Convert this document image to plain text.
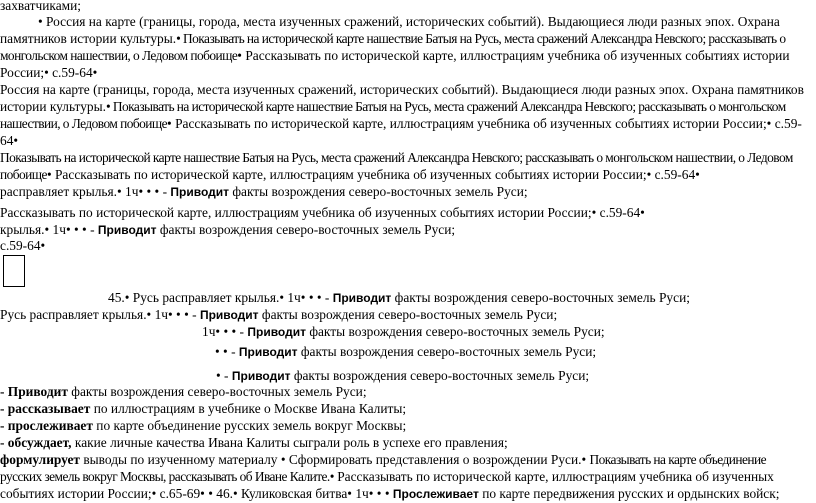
захватчиками;
• Россия на карте (границы, города, места изученных сражений, исторических событий). Выдающиеся люди разных эпох. Охрана
памятников истории культуры.• Показывать на исторической карте нашествие Батыя на Русь, места сражений Александра Невского; рассказывать о
монгольском нашествии, о Ледовом побоище• Рассказывать по исторической карте, иллюстрациям учебника об изученных событиях истории
России;• с.59-64•
Россия на карте (границы, города, места изученных сражений, исторических событий). Выдающиеся люди разных эпох. Охрана памятников
истории культуры.• Показывать на исторической карте нашествие Батыя на Русь, места сражений Александра Невского; рассказывать о монгольском
нашествии, о Ледовом побоище• Рассказывать по исторической карте, иллюстрациям учебника об изученных событиях истории России;• с.59-
64•
Показывать на исторической карте нашествие Батыя на Русь, места сражений Александра Невского; рассказывать о монгольском нашествии, о Ледовом
побоище• Рассказывать по исторической карте, иллюстрациям учебника об изученных событиях истории России;• с.59-64•
расправляет крылья.• 1ч• • • - Приводит факты возрождения северо-восточных земель Руси;
Рассказывать по исторической карте, иллюстрациям учебника об изученных событиях истории России;• с.59-64•
крылья.• 1ч• • • - Приводит факты возрождения северо-восточных земель Руси;
с.59-64•
45.• Русь расправляет крылья.• 1ч• • • - Приводит факты возрождения северо-восточных земель Руси;
Русь расправляет крылья.• 1ч• • • - Приводит факты возрождения северо-восточных земель Руси;
1ч• • • - Приводит факты возрождения северо-восточных земель Руси;
• • - Приводит факты возрождения северо-восточных земель Руси;
• - Приводит факты возрождения северо-восточных земель Руси;
- Приводит факты возрождения северо-восточных земель Руси;
- рассказывает по иллюстрациям в учебнике о Москве Ивана Калиты;
- прослеживает по карте объединение русских земель вокруг Москвы;
- обсуждает, какие личные качества Ивана Калиты сыграли роль в успехе его правления;
формулирует выводы по изученному материалу • Сформировать представления о возрождении Руси.• Показывать на карте объединение
русских земель вокруг Москвы, рассказывать об Иване Калите.• Рассказывать по исторической карте, иллюстрациям учебника об изученных
событиях истории России;• с.65-69• • 46.• Куликовская битва• 1ч• • • Прослеживает по карте передвижения русских и ордынских войск;
